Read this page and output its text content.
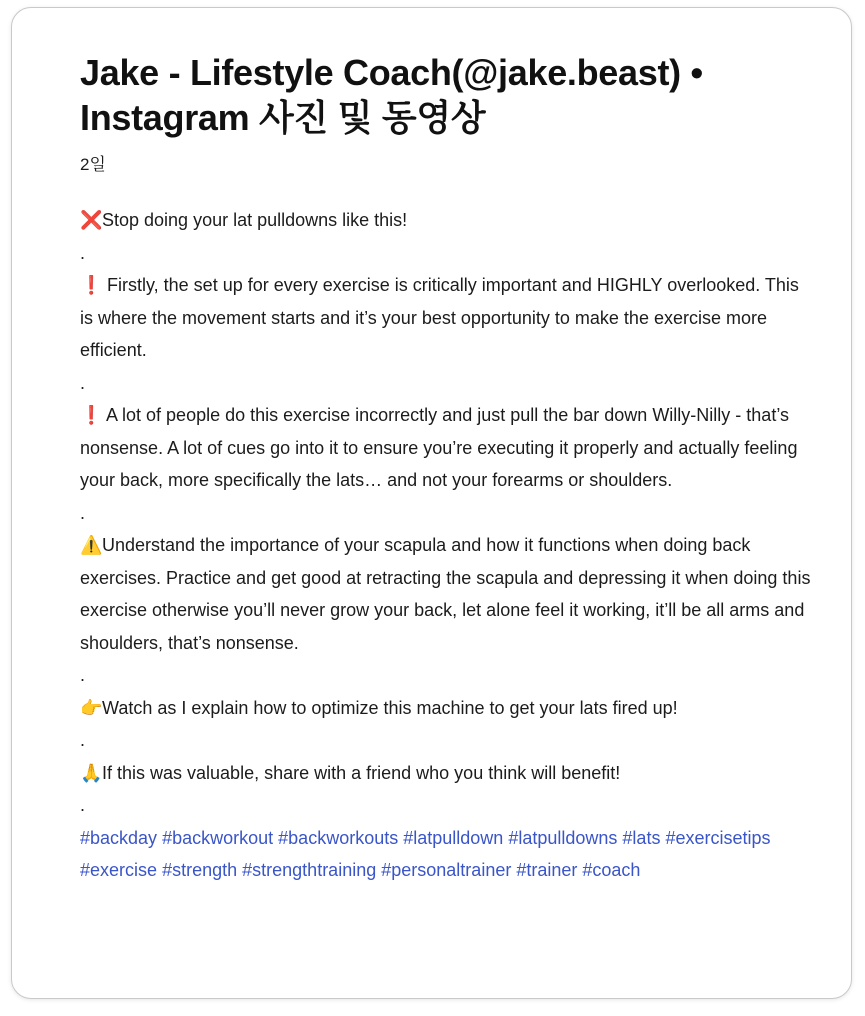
Jake - Lifestyle Coach(@jake.beast) • Instagram 사진 및 동영상
2일

❌Stop doing your lat pulldowns like this!

.

❗ Firstly, the set up for every exercise is critically important and HIGHLY overlooked. This is where the movement starts and it’s your best opportunity to make the exercise more efficient.

.

❗ A lot of people do this exercise incorrectly and just pull the bar down Willy-Nilly - that’s nonsense. A lot of cues go into it to ensure you’re executing it properly and actually feeling your back, more specifically the lats… and not your forearms or shoulders.

.

⚠️Understand the importance of your scapula and how it functions when doing back exercises. Practice and get good at retracting the scapula and depressing it when doing this exercise otherwise you’ll never grow your back, let alone feel it working, it’ll be all arms and shoulders, that’s nonsense.

.

👉Watch as I explain how to optimize this machine to get your lats fired up!

.

🙏If this was valuable, share with a friend who you think will benefit!

.

#backday #backworkout #backworkouts #latpulldown #latpulldowns #lats #exercisetips #exercise #strength #strengthtraining #personaltrainer #trainer #coach
